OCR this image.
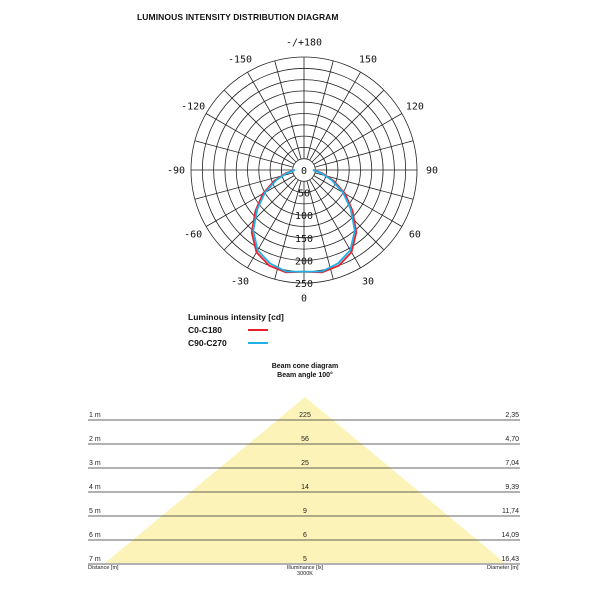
LUMINOUS INTENSITY DISTRIBUTION DIAGRAM
-/+180
-150	150
-120	120
-90	90
-60	60
-30	30
0
0
50
100
150
200
250
Luminous intensity [cd]
C0-C180
C90-C270
Beam cone diagram
Beam angle 100°
1 m	225	2,35
2 m	56	4,70
3 m	25	7,04
4 m	14	9,39
5 m	9	11,74
6 m	6	14,09
7 m	5	16,43
Distance [m]	Illuminance [lx]
3000K
Diameter [m]
